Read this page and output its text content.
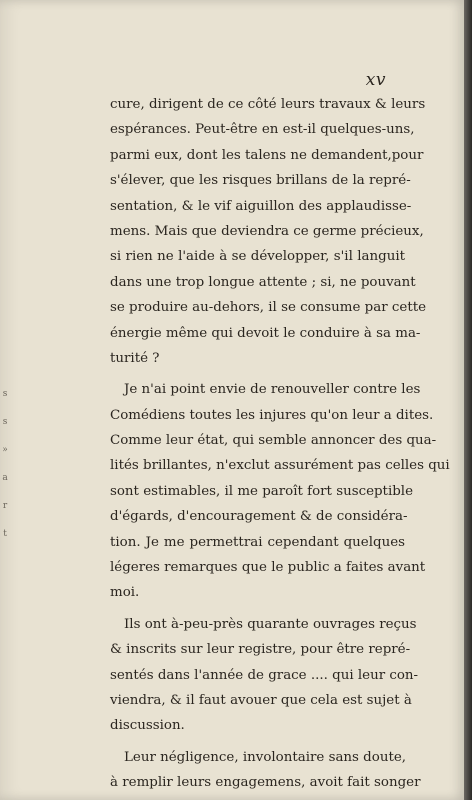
s
s
»
a
r
t
xv
cure, dirigent de ce côté leurs travaux & leurs
espérances. Peut-être en est-il quelques-uns,
parmi eux, dont les talens ne demandent,pour
s'élever, que les risques brillans de la repré-
sentation, & le vif aiguillon des applaudisse-
mens. Mais que deviendra ce germe précieux,
si rien ne l'aide à se développer, s'il languit
dans une trop longue attente ; si, ne pouvant
se produire au-dehors, il se consume par cette
énergie même qui devoit le conduire à sa ma-
turité ?
Je n'ai point envie de renouveller contre les
Comédiens toutes les injures qu'on leur a dites.
Comme leur état, qui semble annoncer des qua-
lités brillantes, n'exclut assurément pas celles qui
sont estimables, il me paroît fort susceptible
d'égards, d'encouragement & de considéra-
tion. Je me permettrai cependant quelques
légeres remarques que le public a faites avant
moi.
Ils ont à-peu-près quarante ouvrages reçus
& inscrits sur leur registre, pour être repré-
sentés dans l'année de grace .... qui leur con-
viendra, & il faut avouer que cela est sujet à
discussion.
Leur négligence, involontaire sans doute,
à remplir leurs engagemens, avoit fait songer
